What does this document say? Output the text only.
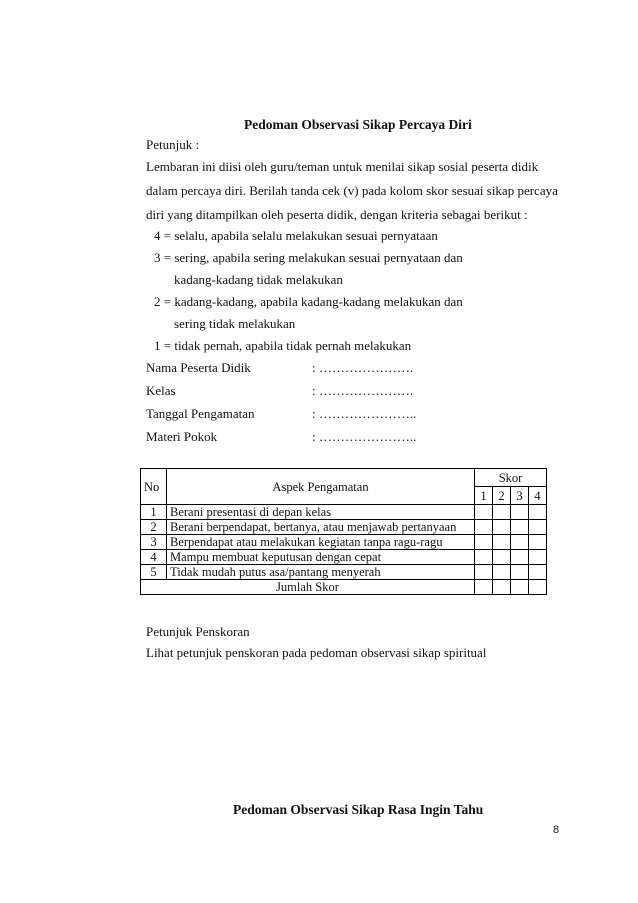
Pedoman Observasi Sikap Percaya Diri
Petunjuk :
Lembaran ini diisi oleh guru/teman untuk menilai sikap sosial peserta didik
dalam percaya diri. Berilah tanda cek (v) pada kolom skor sesuai sikap percaya
diri yang ditampilkan oleh peserta didik, dengan kriteria sebagai berikut :
4 = selalu, apabila selalu melakukan sesuai pernyataan
3 = sering, apabila sering melakukan sesuai pernyataan dan
kadang-kadang tidak melakukan
2 = kadang-kadang, apabila kadang-kadang melakukan dan
sering tidak melakukan
1 = tidak pernah, apabila tidak pernah melakukan
Nama Peserta Didik	: ………………….
Kelas	: ………………….
Tanggal Pengamatan	: …………………..
Materi Pokok	: …………………..
No	Aspek Pengamatan	Skor			
		1	2	3	4
1	Berani presentasi di depan kelas				
2	Berani berpendapat, bertanya, atau menjawab pertanyaan				
3	Berpendapat atau melakukan kegiatan tanpa ragu-ragu				
4	Mampu membuat keputusan dengan cepat				
5	Tidak mudah putus asa/pantang menyerah				
Jumlah Skor					
Petunjuk Penskoran
Lihat petunjuk penskoran pada pedoman observasi sikap spiritual
Pedoman Observasi Sikap Rasa Ingin Tahu
8
